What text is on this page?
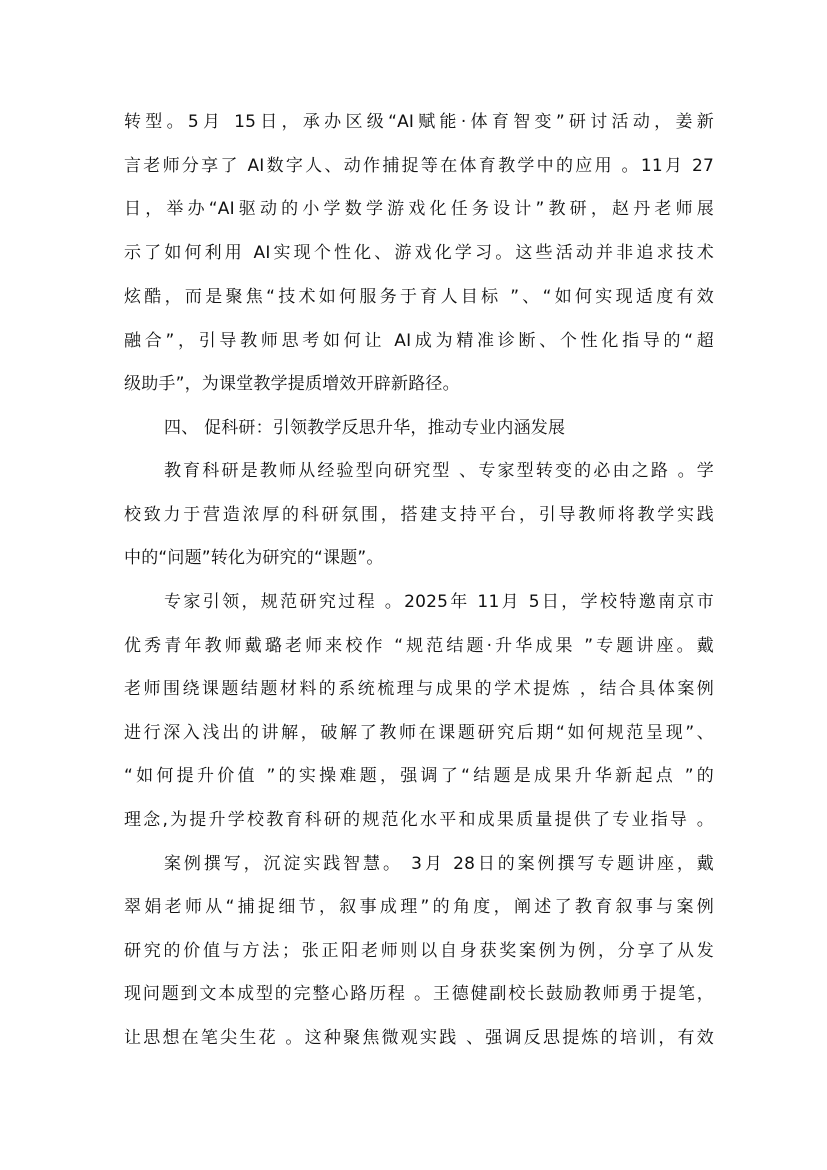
转型。5月 15日，承办区级“AI赋能·体育智变”研讨活动，姜新
言老师分享了 AI数字人、动作捕捉等在体育教学中的应用 。11月 27
日，举办“AI驱动的小学数学游戏化任务设计”教研，赵丹老师展
示了如何利用 AI实现个性化、游戏化学习。这些活动并非追求技术
炫酷，而是聚焦“技术如何服务于育人目标 ”、“如何实现适度有效
融合”，引导教师思考如何让 AI成为精准诊断、个性化指导的“超
级助手”，为课堂教学提质增效开辟新路径。
四、 促科研：引领教学反思升华，推动专业内涵发展
教育科研是教师从经验型向研究型 、专家型转变的必由之路 。学
校致力于营造浓厚的科研氛围，搭建支持平台，引导教师将教学实践
中的“问题”转化为研究的“课题”。
专家引领，规范研究过程 。2025年 11月 5日，学校特邀南京市
优秀青年教师戴璐老师来校作 “规范结题·升华成果 ”专题讲座。戴
老师围绕课题结题材料的系统梳理与成果的学术提炼 ，结合具体案例
进行深入浅出的讲解，破解了教师在课题研究后期“如何规范呈现”、
“如何提升价值 ”的实操难题，强调了“结题是成果升华新起点 ”的
理念,为提升学校教育科研的规范化水平和成果质量提供了专业指导 。
案例撰写，沉淀实践智慧。 3月 28日的案例撰写专题讲座，戴
翠娟老师从“捕捉细节，叙事成理”的角度，阐述了教育叙事与案例
研究的价值与方法；张正阳老师则以自身获奖案例为例，分享了从发
现问题到文本成型的完整心路历程 。王德健副校长鼓励教师勇于提笔，
让思想在笔尖生花 。这种聚焦微观实践 、强调反思提炼的培训，有效
